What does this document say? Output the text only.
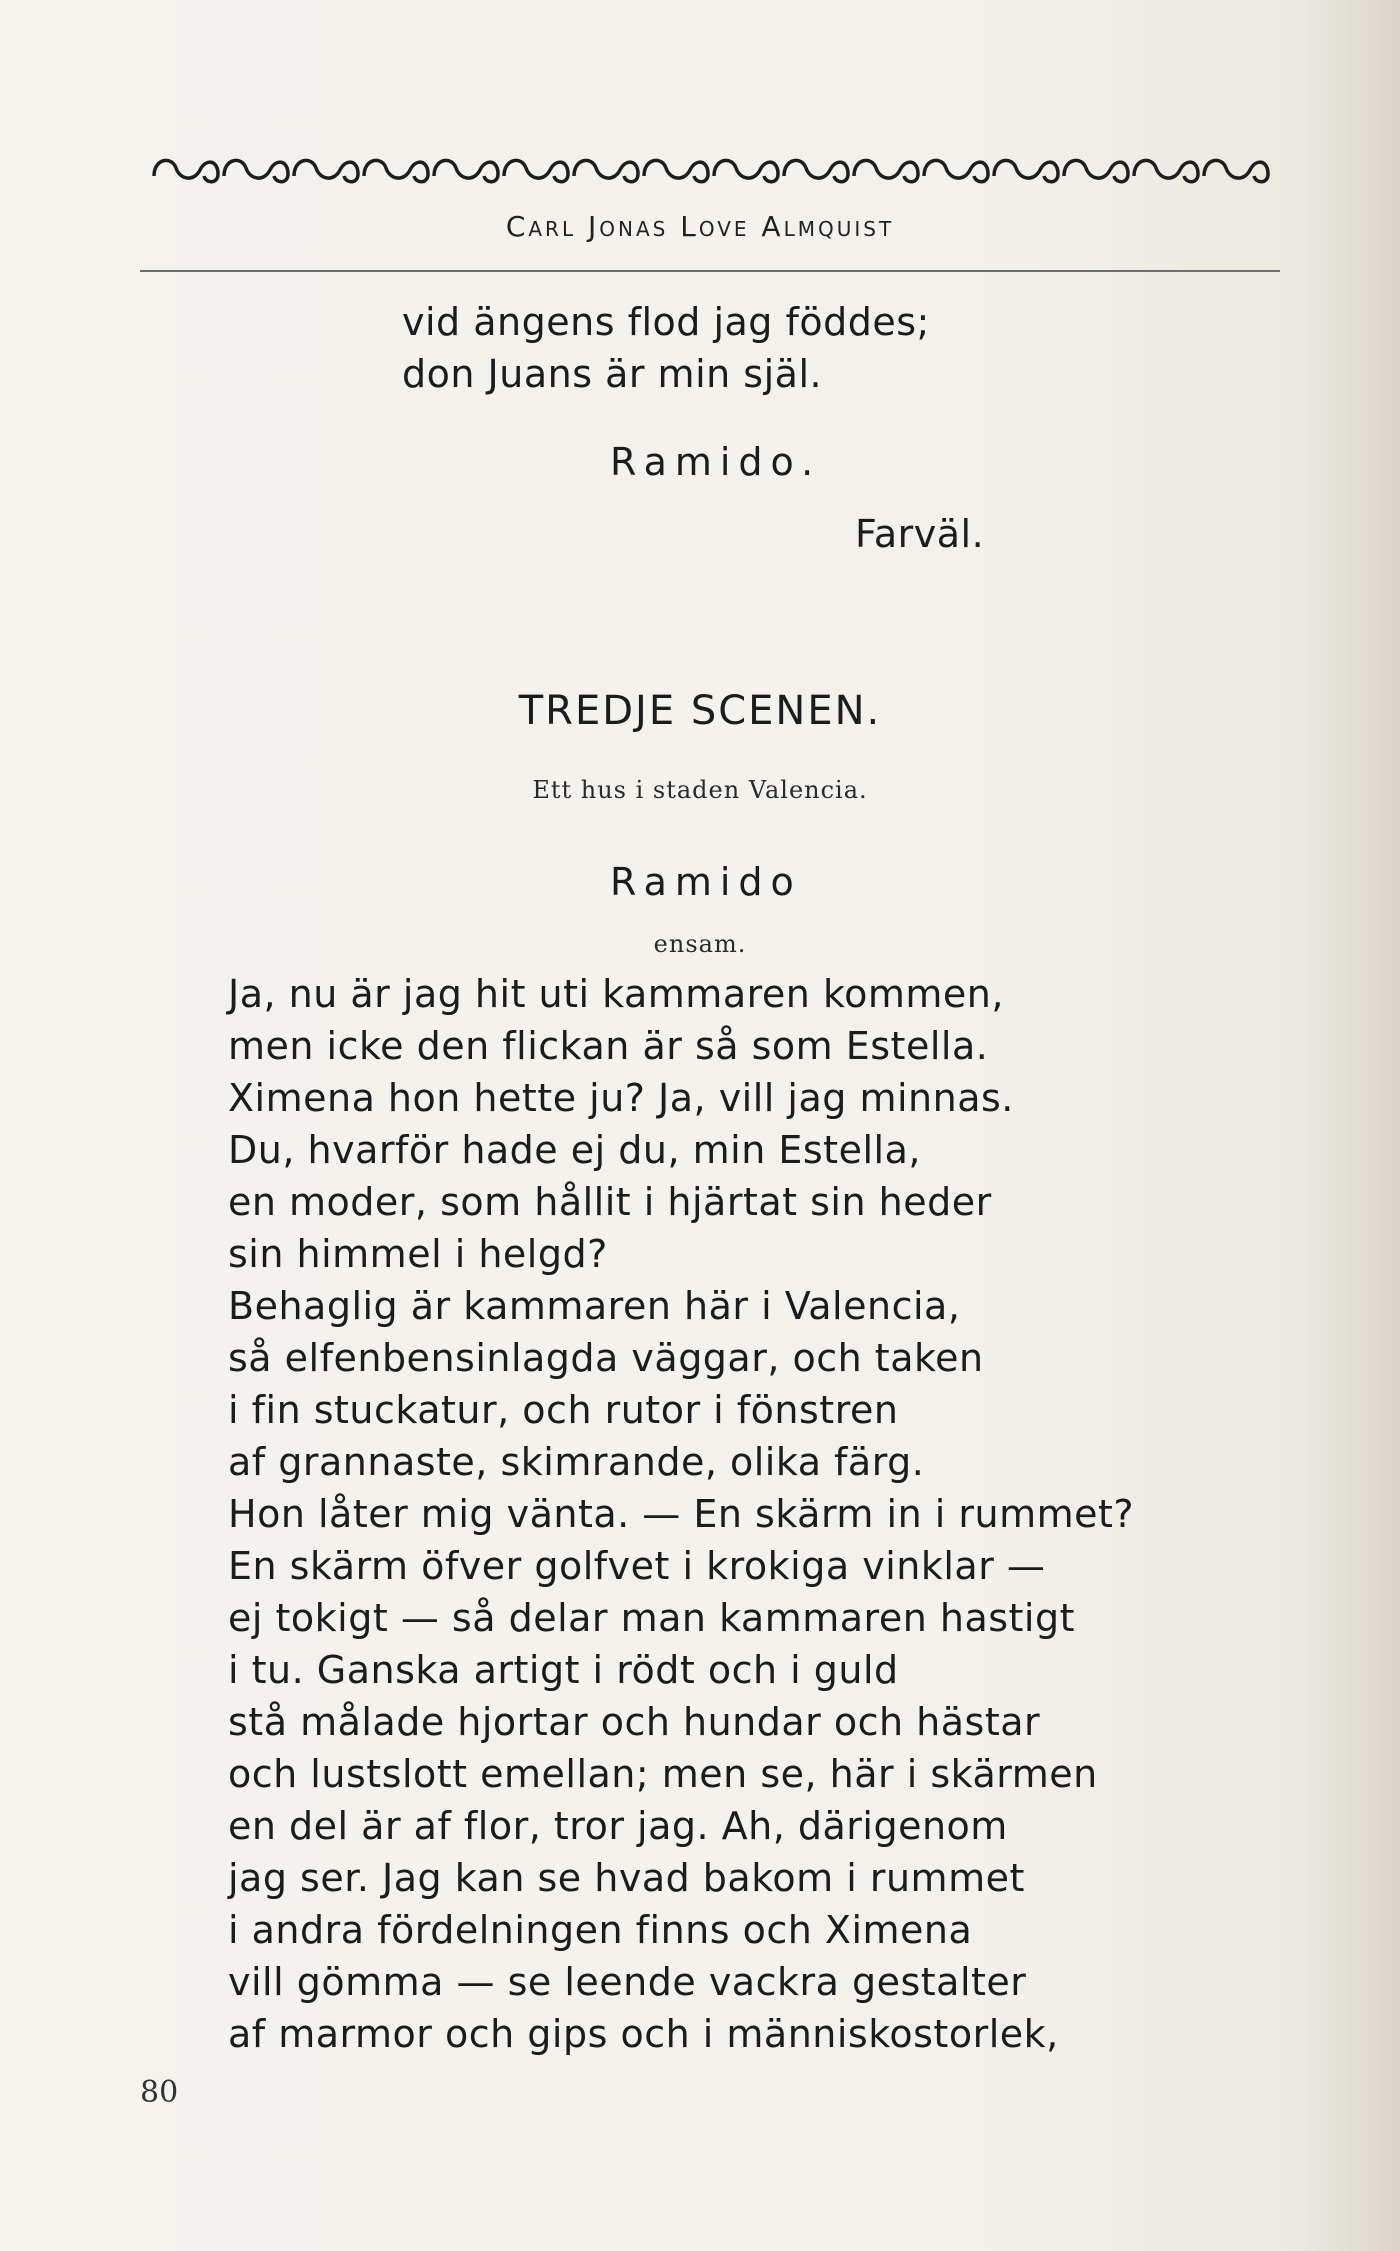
Carl Jonas Love Almquist
vid ängens flod jag föddes;
don Juans är min själ.
Ramido.
Farväl.
TREDJE SCENEN.
Ett hus i staden Valencia.
Ramido
ensam.
Ja, nu är jag hit uti kammaren kommen,
men icke den flickan är så som Estella.
Ximena hon hette ju? Ja, vill jag minnas.
Du, hvarför hade ej du, min Estella,
en moder, som hållit i hjärtat sin heder
sin himmel i helgd?
Behaglig är kammaren här i Valencia,
så elfenbensinlagda väggar, och taken
i fin stuckatur, och rutor i fönstren
af grannaste, skimrande, olika färg.
Hon låter mig vänta. — En skärm in i rummet?
En skärm öfver golfvet i krokiga vinklar —
ej tokigt — så delar man kammaren hastigt
i tu. Ganska artigt i rödt och i guld
stå målade hjortar och hundar och hästar
och lustslott emellan; men se, här i skärmen
en del är af flor, tror jag. Ah, därigenom
jag ser. Jag kan se hvad bakom i rummet
i andra fördelningen finns och Ximena
vill gömma — se leende vackra gestalter
af marmor och gips och i människostorlek,
80
